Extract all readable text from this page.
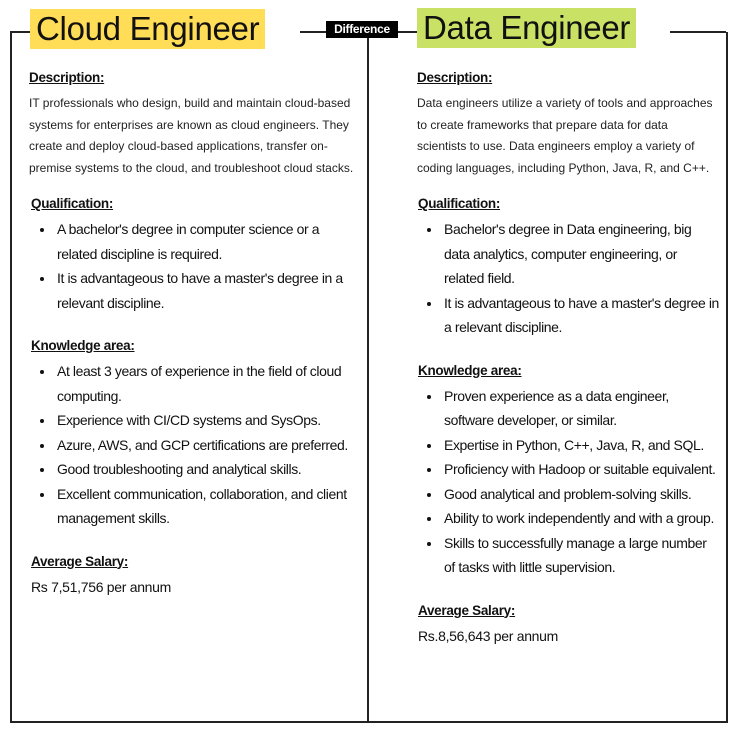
Cloud Engineer	Difference Data Engineer

Description:

IT professionals who design, build and maintain cloud-based systems for enterprises are known as cloud engineers. They create and deploy cloud-based applications, transfer on-premise systems to the cloud, and troubleshoot cloud stacks.

Qualification:

• A bachelor's degree in computer science or a related discipline is required.
• It is advantageous to have a master's degree in a relevant discipline.

Knowledge area:

• At least 3 years of experience in the field of cloud computing.
• Experience with CI/CD systems and SysOps.
• Azure, AWS, and GCP certifications are preferred.
• Good troubleshooting and analytical skills.
• Excellent communication, collaboration, and client management skills.

Average Salary:

Rs 7,51,756 per annum

Description:

Data engineers utilize a variety of tools and approaches to create frameworks that prepare data for data scientists to use. Data engineers employ a variety of coding languages, including Python, Java, R, and C++.

Qualification:

• Bachelor's degree in Data engineering, big data analytics, computer engineering, or related field.
• It is advantageous to have a master's degree in a relevant discipline.

Knowledge area:

• Proven experience as a data engineer, software developer, or similar.
• Expertise in Python, C++, Java, R, and SQL.
• Proficiency with Hadoop or suitable equivalent.
• Good analytical and problem-solving skills.
• Ability to work independently and with a group.
• Skills to successfully manage a large number of tasks with little supervision.

Average Salary:

Rs.8,56,643 per annum
